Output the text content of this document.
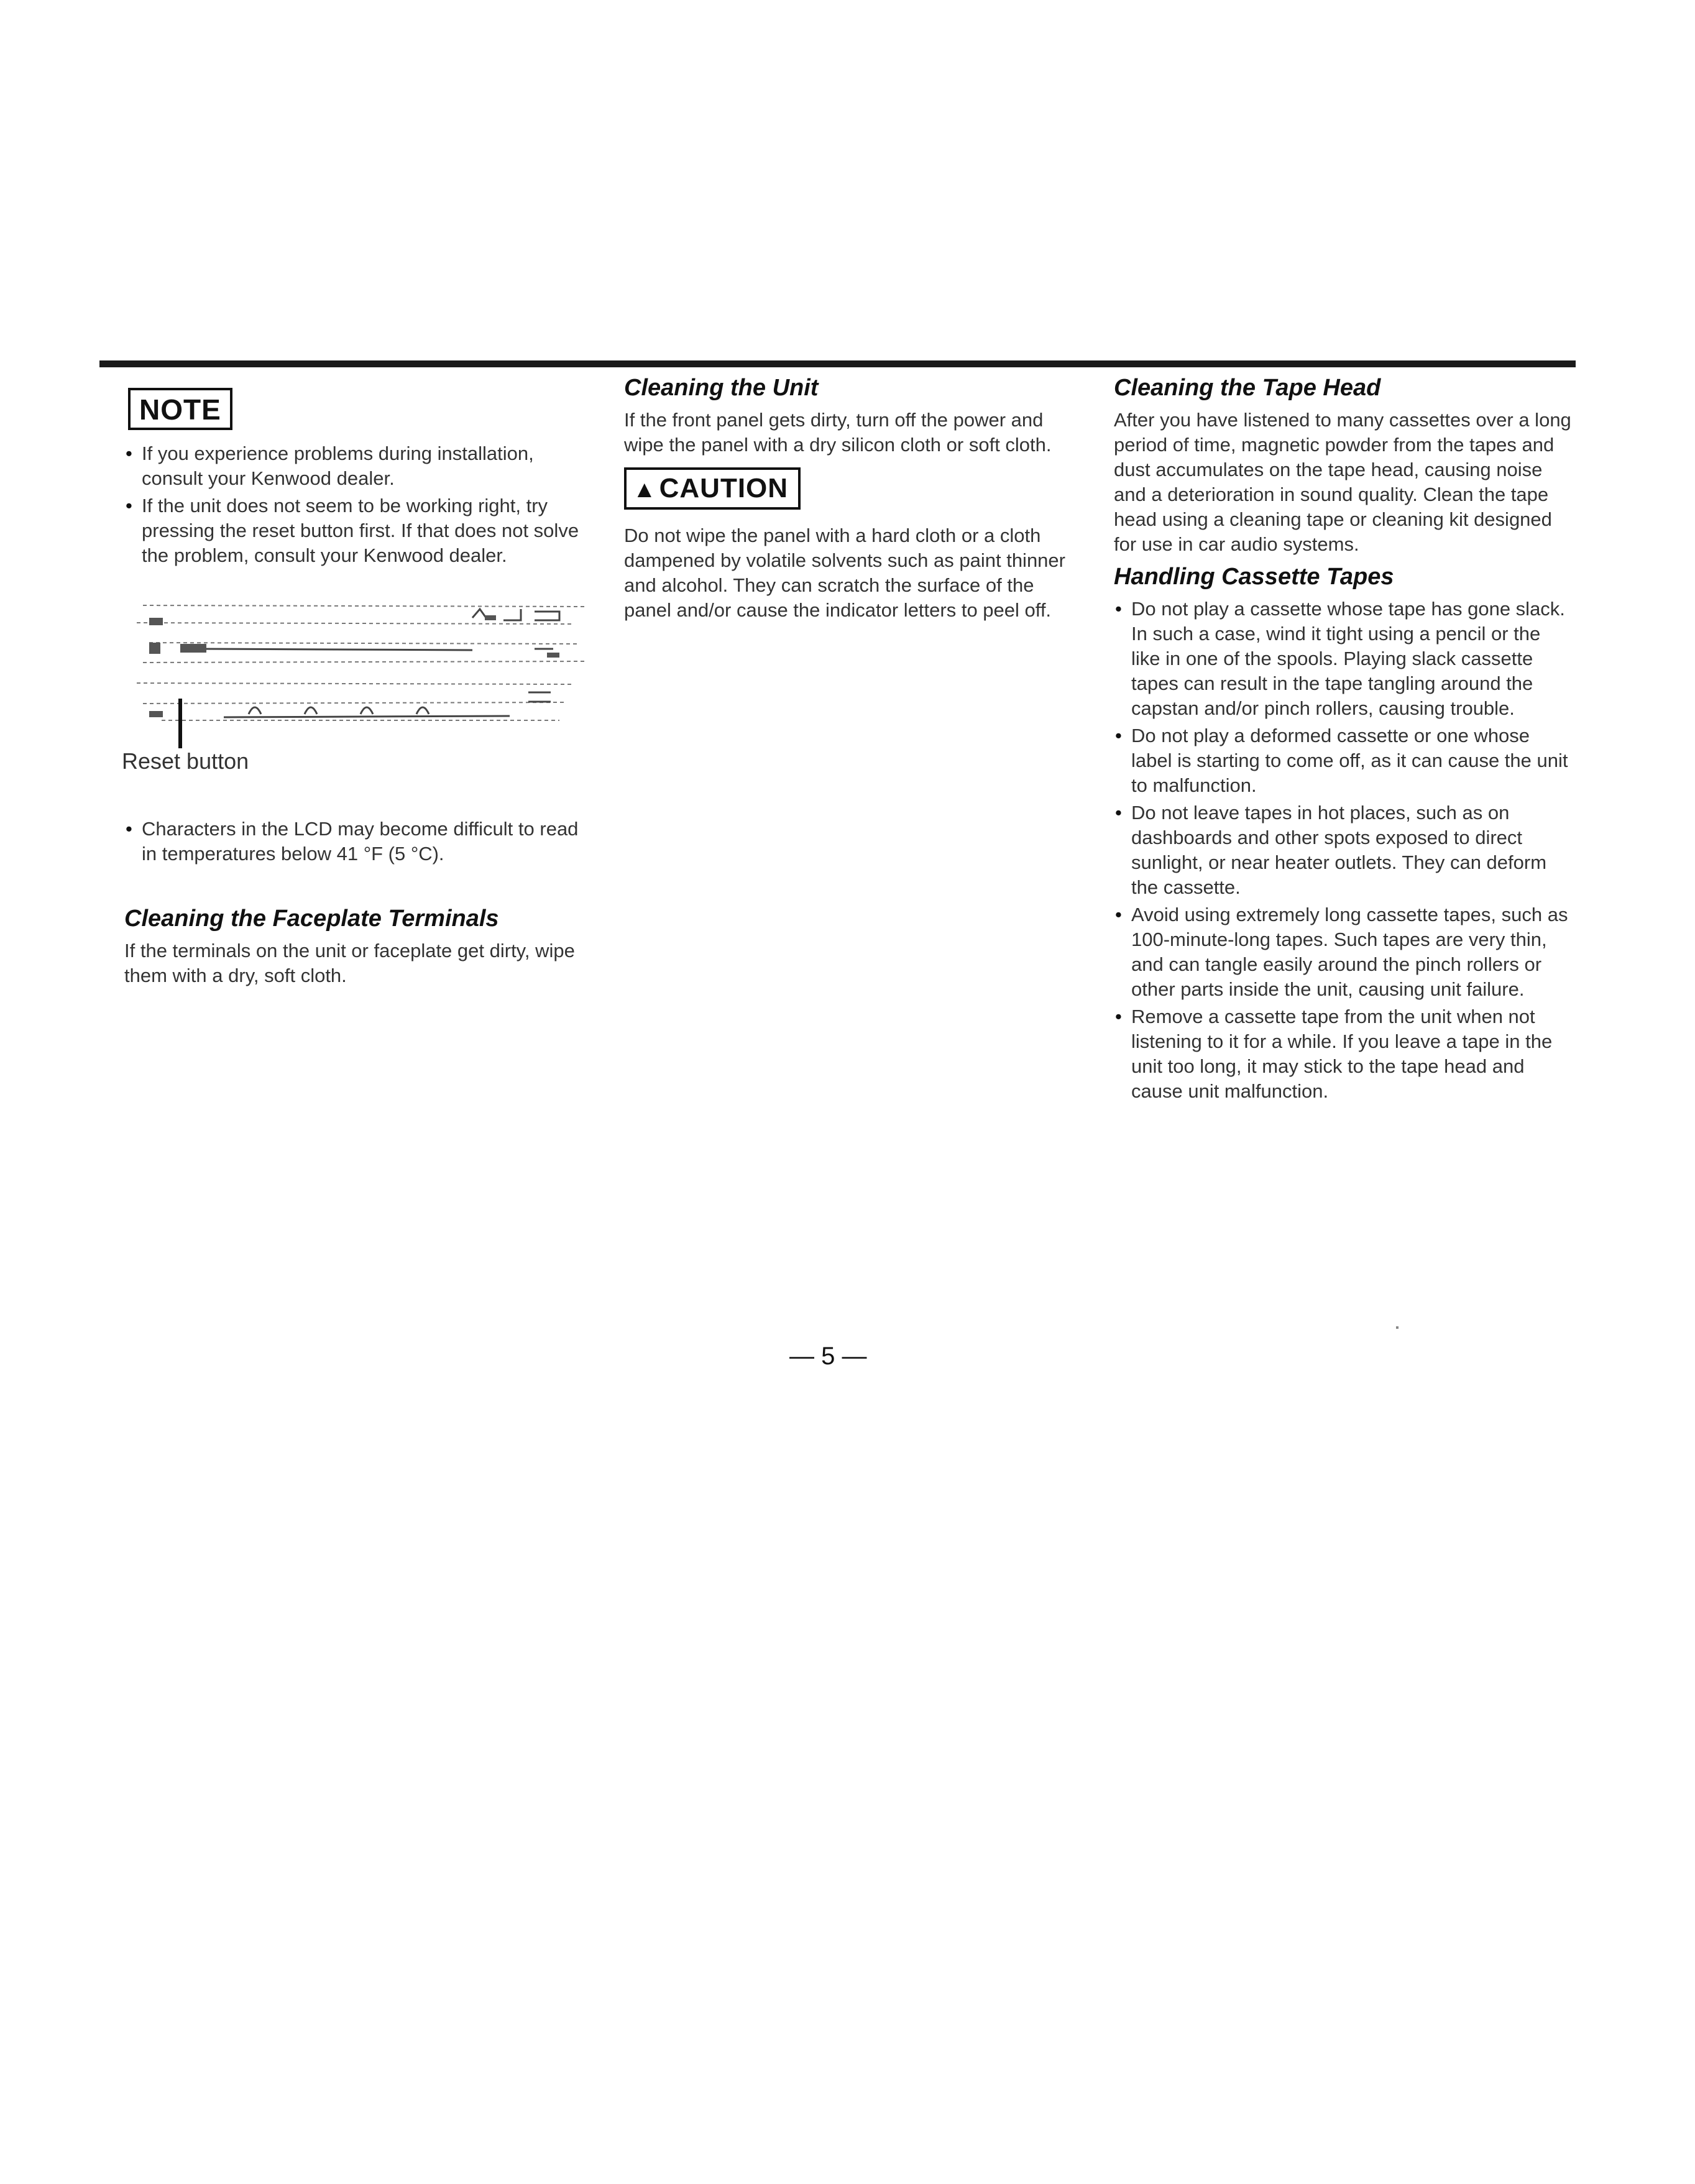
NOTE
• If you experience problems during installation, consult your Kenwood dealer.
• If the unit does not seem to be working right, try pressing the reset button first. If that does not solve the problem, consult your Kenwood dealer.
Reset button
• Characters in the LCD may become difficult to read in temperatures below 41 °F (5 °C).
Cleaning the Faceplate Terminals

If the terminals on the unit or faceplate get dirty, wipe them with a dry, soft cloth.

Cleaning the Unit

If the front panel gets dirty, turn off the power and wipe the panel with a dry silicon cloth or soft cloth.

▲CAUTION

Do not wipe the panel with a hard cloth or a cloth dampened by volatile solvents such as paint thinner and alcohol. They can scratch the surface of the panel and/or cause the indicator letters to peel off.

Cleaning the Tape Head

After you have listened to many cassettes over a long period of time, magnetic powder from the tapes and dust accumulates on the tape head, causing noise and a deterioration in sound quality. Clean the tape head using a cleaning tape or cleaning kit designed for use in car audio systems.

Handling Cassette Tapes
• Do not play a cassette whose tape has gone slack. In such a case, wind it tight using a pencil or the like in one of the spools. Playing slack cassette tapes can result in the tape tangling around the capstan and/or pinch rollers, causing trouble.
• Do not play a deformed cassette or one whose label is starting to come off, as it can cause the unit to malfunction.
• Do not leave tapes in hot places, such as on dashboards and other spots exposed to direct sunlight, or near heater outlets. They can deform the cassette.
• Avoid using extremely long cassette tapes, such as 100-minute-long tapes. Such tapes are very thin, and can tangle easily around the pinch rollers or other parts inside the unit, causing unit failure.
• Remove a cassette tape from the unit when not listening to it for a while. If you leave a tape in the unit too long, it may stick to the tape head and cause unit malfunction.
— 5 —
